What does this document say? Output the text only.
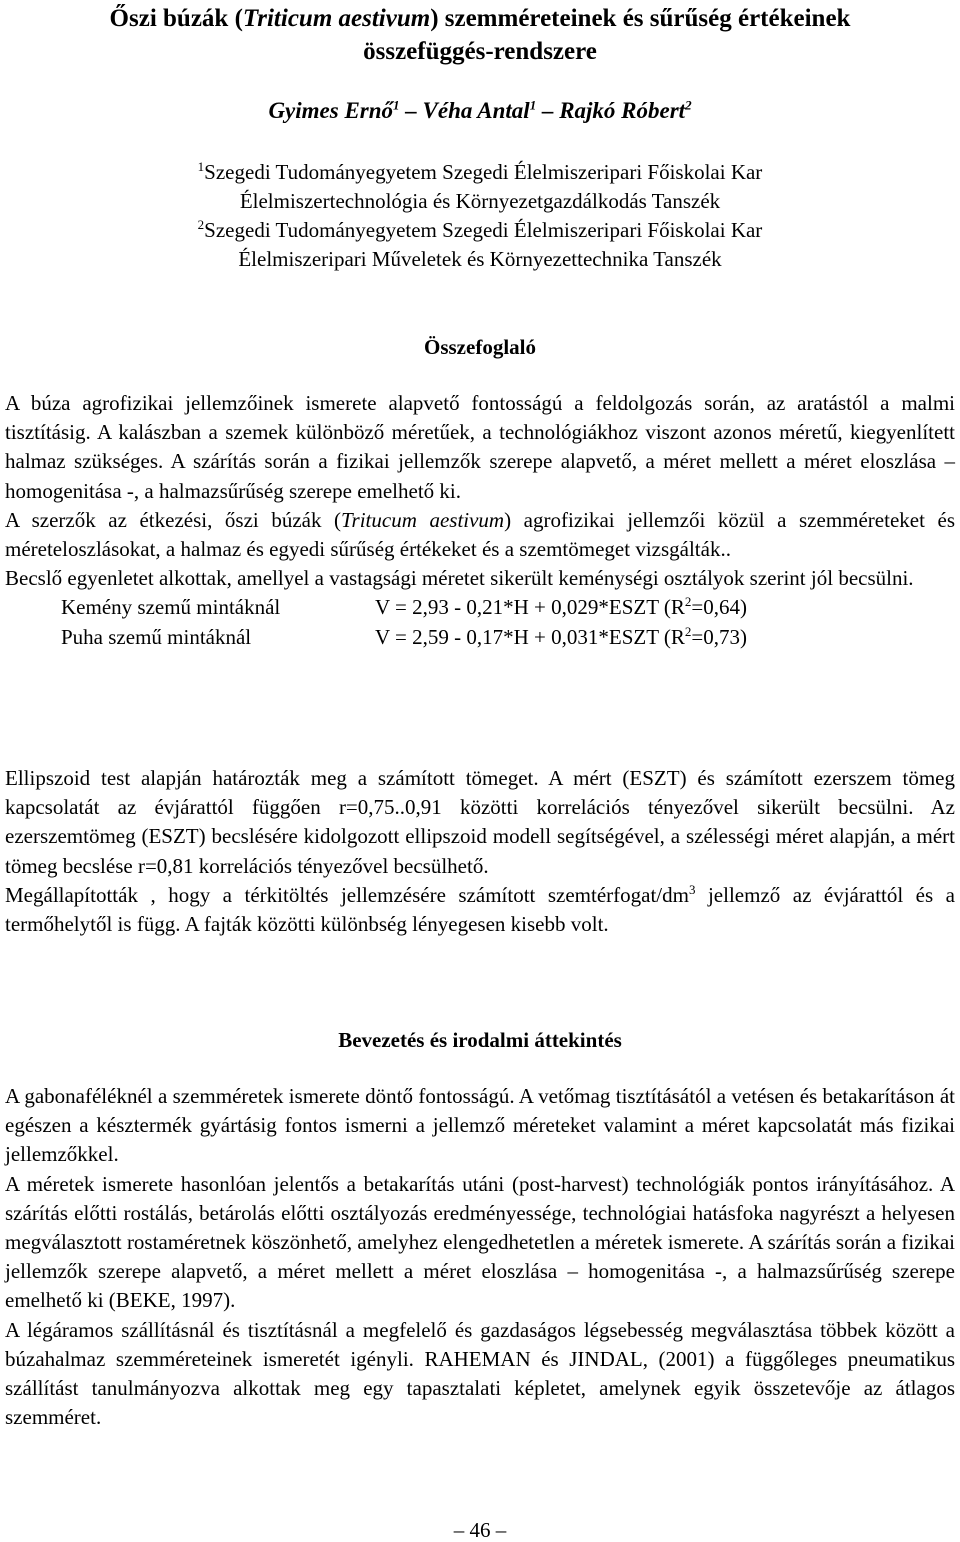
Őszi búzák (Triticum aestivum) szemméreteinek és sűrűség értékeinek
összefüggés-rendszere
Gyimes Ernő$^1$ – Véha Antal$^1$ – Rajkó Róbert$^2$
$^1$Szegedi Tudományegyetem Szegedi Élelmiszeripari Főiskolai Kar
Élelmiszertechnológia és Környezetgazdálkodás Tanszék
$^2$Szegedi Tudományegyetem Szegedi Élelmiszeripari Főiskolai Kar
Élelmiszeripari Műveletek és Környezettechnika Tanszék
Összefoglaló

A búza agrofizikai jellemzőinek ismerete alapvető fontosságú a feldolgozás során, az aratástól a malmi tisztításig. A kalászban a szemek különböző méretűek, a technológiákhoz viszont azonos méretű, kiegyenlített halmaz szükséges. A szárítás során a fizikai jellemzők szerepe alapvető, a méret mellett a méret eloszlása – homogenitása -, a halmazsűrűség szerepe emelhető ki.

A szerzők az étkezési, őszi búzák (Tritucum aestivum) agrofizikai jellemzői közül a szemméreteket és méreteloszlásokat, a halmaz és egyedi sűrűség értékeket és a szemtömeget vizsgálták..

Becslő egyenletet alkottak, amellyel a vastagsági méretet sikerült keménységi osztályok szerint jól becsülni.

Kemény szemű mintáknál	V = 2,93 - 0,21*H + 0,029*ESZT $(R^2=0,64)$
Puha szemű mintáknál	V = 2,59 - 0,17*H + 0,031*ESZT $(R^2=0,73)$

Ellipszoid test alapján határozták meg a számított tömeget. A mért (ESZT) és számított ezerszem tömeg kapcsolatát az évjárattól függően r=0,75..0,91 közötti korrelációs tényezővel sikerült becsülni. Az ezerszemtömeg (ESZT) becslésére kidolgozott ellipszoid modell segítségével, a szélességi méret alapján, a mért tömeg becslése r=0,81 korrelációs tényezővel becsülhető.

Megállapították , hogy a térkitöltés jellemzésére számított szemtérfogat/$dm^3$ jellemző az évjárattól és a termőhelytől is függ. A fajták közötti különbség lényegesen kisebb volt.

Bevezetés és irodalmi áttekintés

A gabonaféléknél a szemméretek ismerete döntő fontosságú. A vetőmag tisztításától a vetésen és betakarításon át egészen a késztermék gyártásig fontos ismerni a jellemző méreteket valamint a méret kapcsolatát más fizikai jellemzőkkel.

A méretek ismerete hasonlóan jelentős a betakarítás utáni (post-harvest) technológiák pontos irányításához. A szárítás előtti rostálás, betárolás előtti osztályozás eredményessége, technológiai hatásfoka nagyrészt a helyesen megválasztott rostaméretnek köszönhető, amelyhez elengedhetetlen a méretek ismerete. A szárítás során a fizikai jellemzők szerepe alapvető, a méret mellett a méret eloszlása – homogenitása -, a halmazsűrűség szerepe emelhető ki (BEKE, 1997).

A légáramos szállításnál és tisztításnál a megfelelő és gazdaságos légsebesség megválasztása többek között a búzahalmaz szemméreteinek ismeretét igényli. RAHEMAN és JINDAL, (2001) a függőleges pneumatikus szállítást tanulmányozva alkottak meg egy tapasztalati képletet, amelynek egyik összetevője az átlagos szemméret.

– 46 –
